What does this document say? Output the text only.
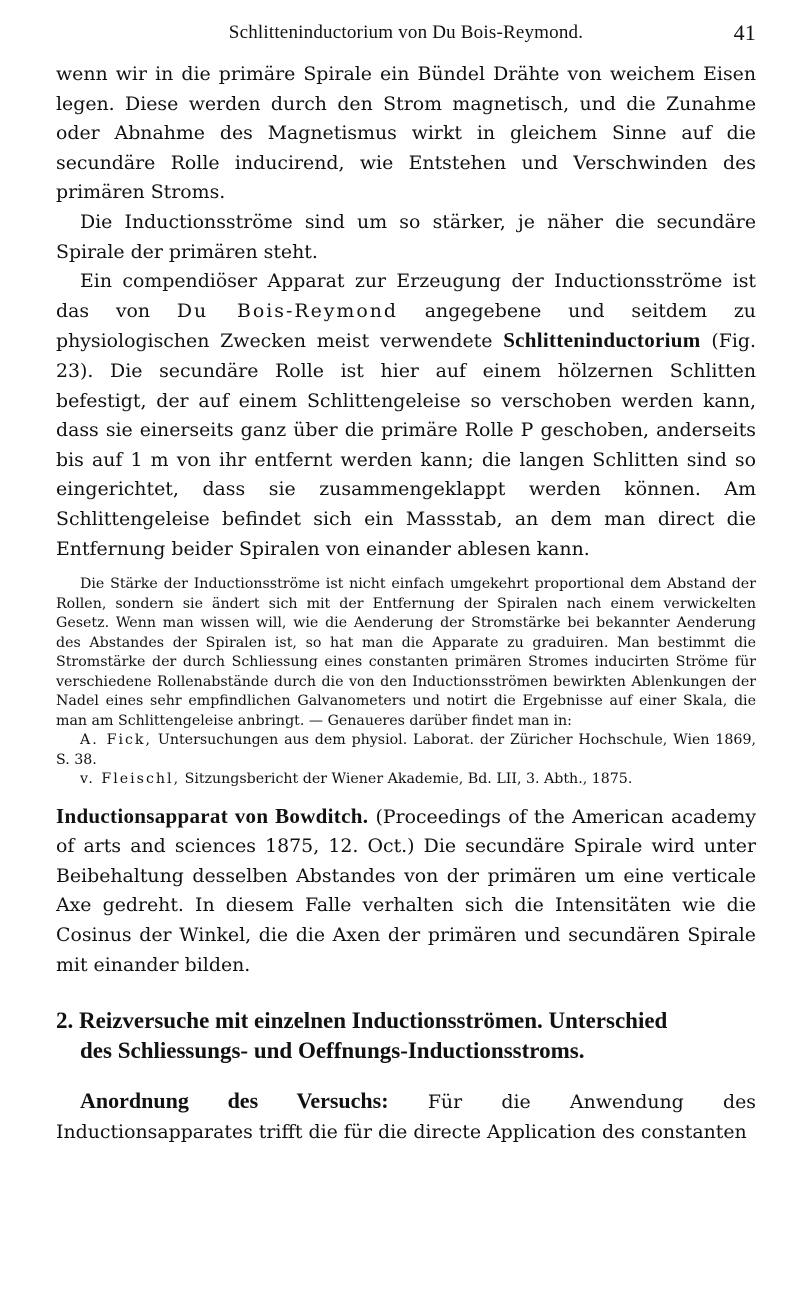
Schlitteninductorium von Du Bois-Reymond.	41

wenn wir in die primäre Spirale ein Bündel Drähte von weichem Eisen legen. Diese werden durch den Strom magnetisch, und die Zunahme oder Abnahme des Magnetismus wirkt in gleichem Sinne auf die secundäre Rolle inducirend, wie Entstehen und Verschwinden des primären Stroms.

Die Inductionsströme sind um so stärker, je näher die secundäre Spirale der primären steht.

Ein compendiöser Apparat zur Erzeugung der Inductionsströme ist das von Du Bois-Reymond angegebene und seitdem zu physiologischen Zwecken meist verwendete Schlitteninductorium (Fig. 23). Die secundäre Rolle ist hier auf einem hölzernen Schlitten befestigt, der auf einem Schlittengeleise so verschoben werden kann, dass sie einerseits ganz über die primäre Rolle P geschoben, anderseits bis auf 1 m von ihr entfernt werden kann; die langen Schlitten sind so eingerichtet, dass sie zusammengeklappt werden können. Am Schlittengeleise befindet sich ein Massstab, an dem man direct die Entfernung beider Spiralen von einander ablesen kann.

Die Stärke der Inductionsströme ist nicht einfach umgekehrt proportional dem Abstand der Rollen, sondern sie ändert sich mit der Entfernung der Spiralen nach einem verwickelten Gesetz. Wenn man wissen will, wie die Aenderung der Stromstärke bei bekannter Aenderung des Abstandes der Spiralen ist, so hat man die Apparate zu graduiren. Man bestimmt die Stromstärke der durch Schliessung eines constanten primären Stromes inducirten Ströme für verschiedene Rollenabstände durch die von den Inductionsströmen bewirkten Ablenkungen der Nadel eines sehr empfindlichen Galvanometers und notirt die Ergebnisse auf einer Skala, die man am Schlittengeleise anbringt. — Genaueres darüber findet man in:

A. Fick, Untersuchungen aus dem physiol. Laborat. der Züricher Hochschule, Wien 1869, S. 38.

v. Fleischl, Sitzungsbericht der Wiener Akademie, Bd. LII, 3. Abth., 1875.

Inductionsapparat von Bowditch. (Proceedings of the American academy of arts and sciences 1875, 12. Oct.) Die secundäre Spirale wird unter Beibehaltung desselben Abstandes von der primären um eine verticale Axe gedreht. In diesem Falle verhalten sich die Intensitäten wie die Cosinus der Winkel, die die Axen der primären und secundären Spirale mit einander bilden.

2. Reizversuche mit einzelnen Inductionsströmen. Unterschied
des Schliessungs- und Oeffnungs-Inductionsstroms.

Anordnung des Versuchs: Für die Anwendung des Inductionsapparates trifft die für die directe Application des constanten
